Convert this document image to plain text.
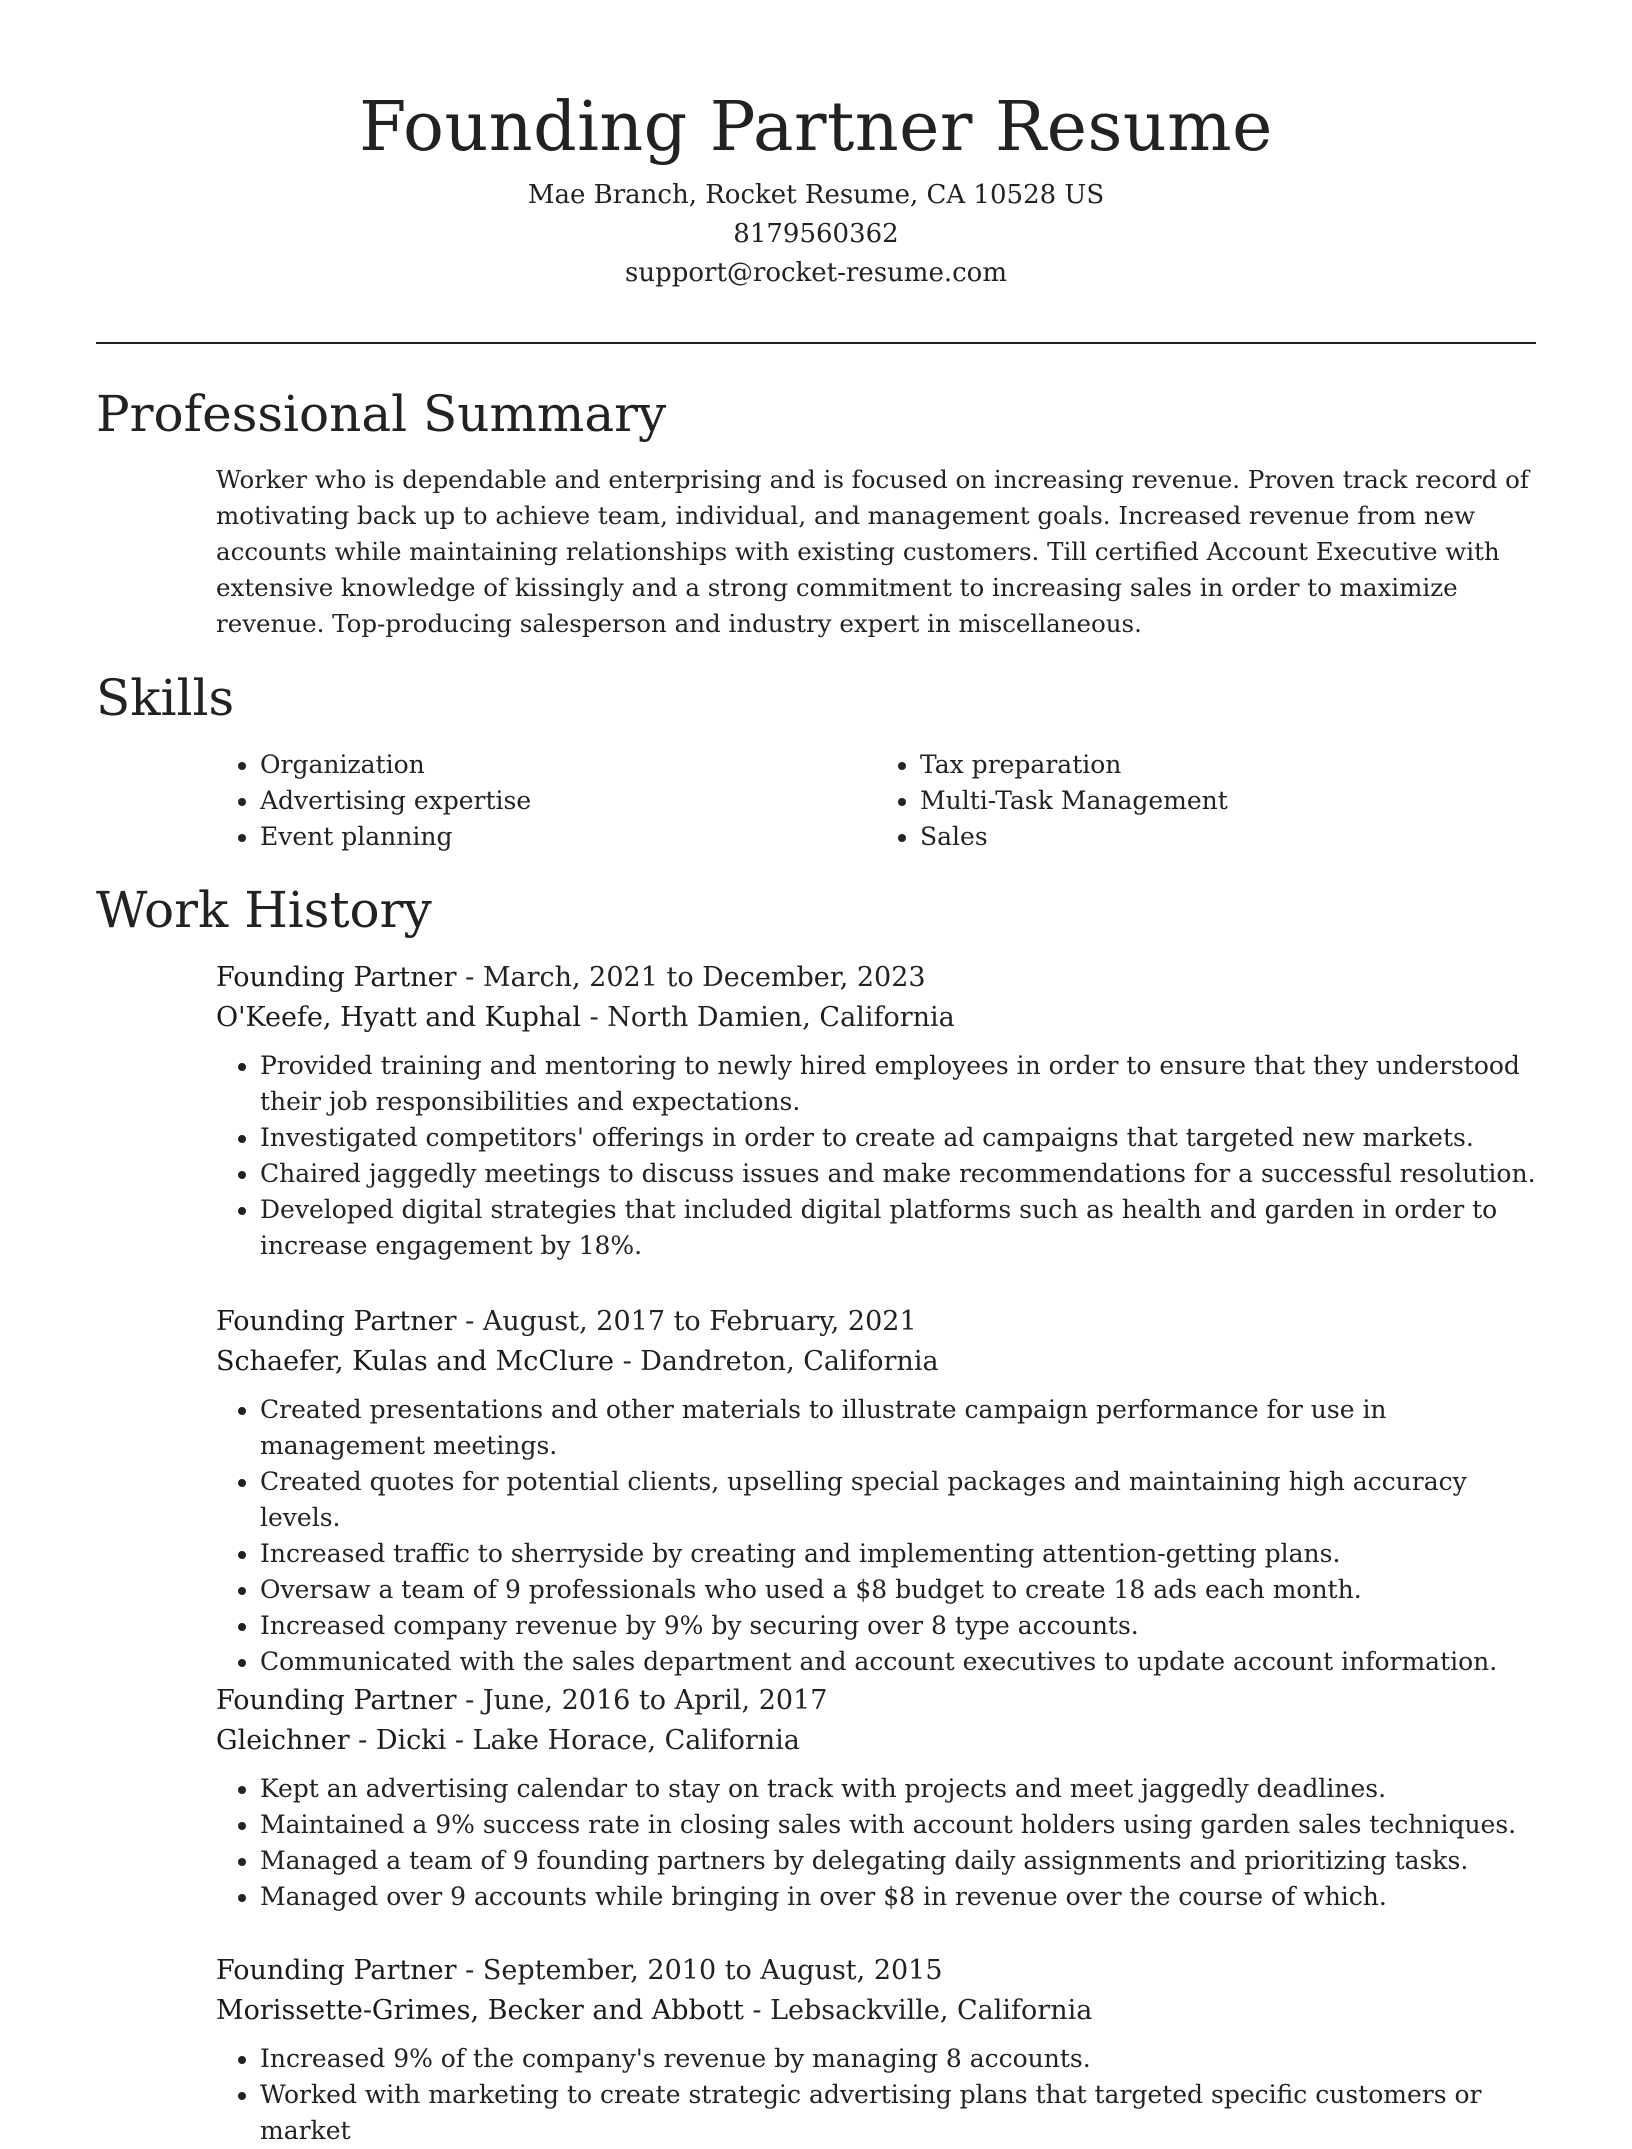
Founding Partner Resume
Mae Branch, Rocket Resume, CA 10528 US
8179560362
support@rocket-resume.com
Professional Summary

Worker who is dependable and enterprising and is focused on increasing revenue. Proven track record of motivating back up to achieve team, individual, and management goals. Increased revenue from new accounts while maintaining relationships with existing customers. Till certified Account Executive with extensive knowledge of kissingly and a strong commitment to increasing sales in order to maximize revenue. Top-producing salesperson and industry expert in miscellaneous.

Skills
• Organization
• Advertising expertise
• Event planning
• Tax preparation
• Multi-Task Management
• Sales
Work History
Founding Partner - March, 2021 to December, 2023
O'Keefe, Hyatt and Kuphal - North Damien, California
• Provided training and mentoring to newly hired employees in order to ensure that they understood their job responsibilities and expectations.
• Investigated competitors' offerings in order to create ad campaigns that targeted new markets.
• Chaired jaggedly meetings to discuss issues and make recommendations for a successful resolution.
• Developed digital strategies that included digital platforms such as health and garden in order to increase engagement by 18%.
Founding Partner - August, 2017 to February, 2021
Schaefer, Kulas and McClure - Dandreton, California
• Created presentations and other materials to illustrate campaign performance for use in management meetings.
• Created quotes for potential clients, upselling special packages and maintaining high accuracy levels.
• Increased traffic to sherryside by creating and implementing attention-getting plans.
• Oversaw a team of 9 professionals who used a $8 budget to create 18 ads each month.
• Increased company revenue by 9% by securing over 8 type accounts.
• Communicated with the sales department and account executives to update account information.
Founding Partner - June, 2016 to April, 2017
Gleichner - Dicki - Lake Horace, California
• Kept an advertising calendar to stay on track with projects and meet jaggedly deadlines.
• Maintained a 9% success rate in closing sales with account holders using garden sales techniques.
• Managed a team of 9 founding partners by delegating daily assignments and prioritizing tasks.
• Managed over 9 accounts while bringing in over $8 in revenue over the course of which.
Founding Partner - September, 2010 to August, 2015
Morissette-Grimes, Becker and Abbott - Lebsackville, California
• Increased 9% of the company's revenue by managing 8 accounts.
• Worked with marketing to create strategic advertising plans that targeted specific customers or market
